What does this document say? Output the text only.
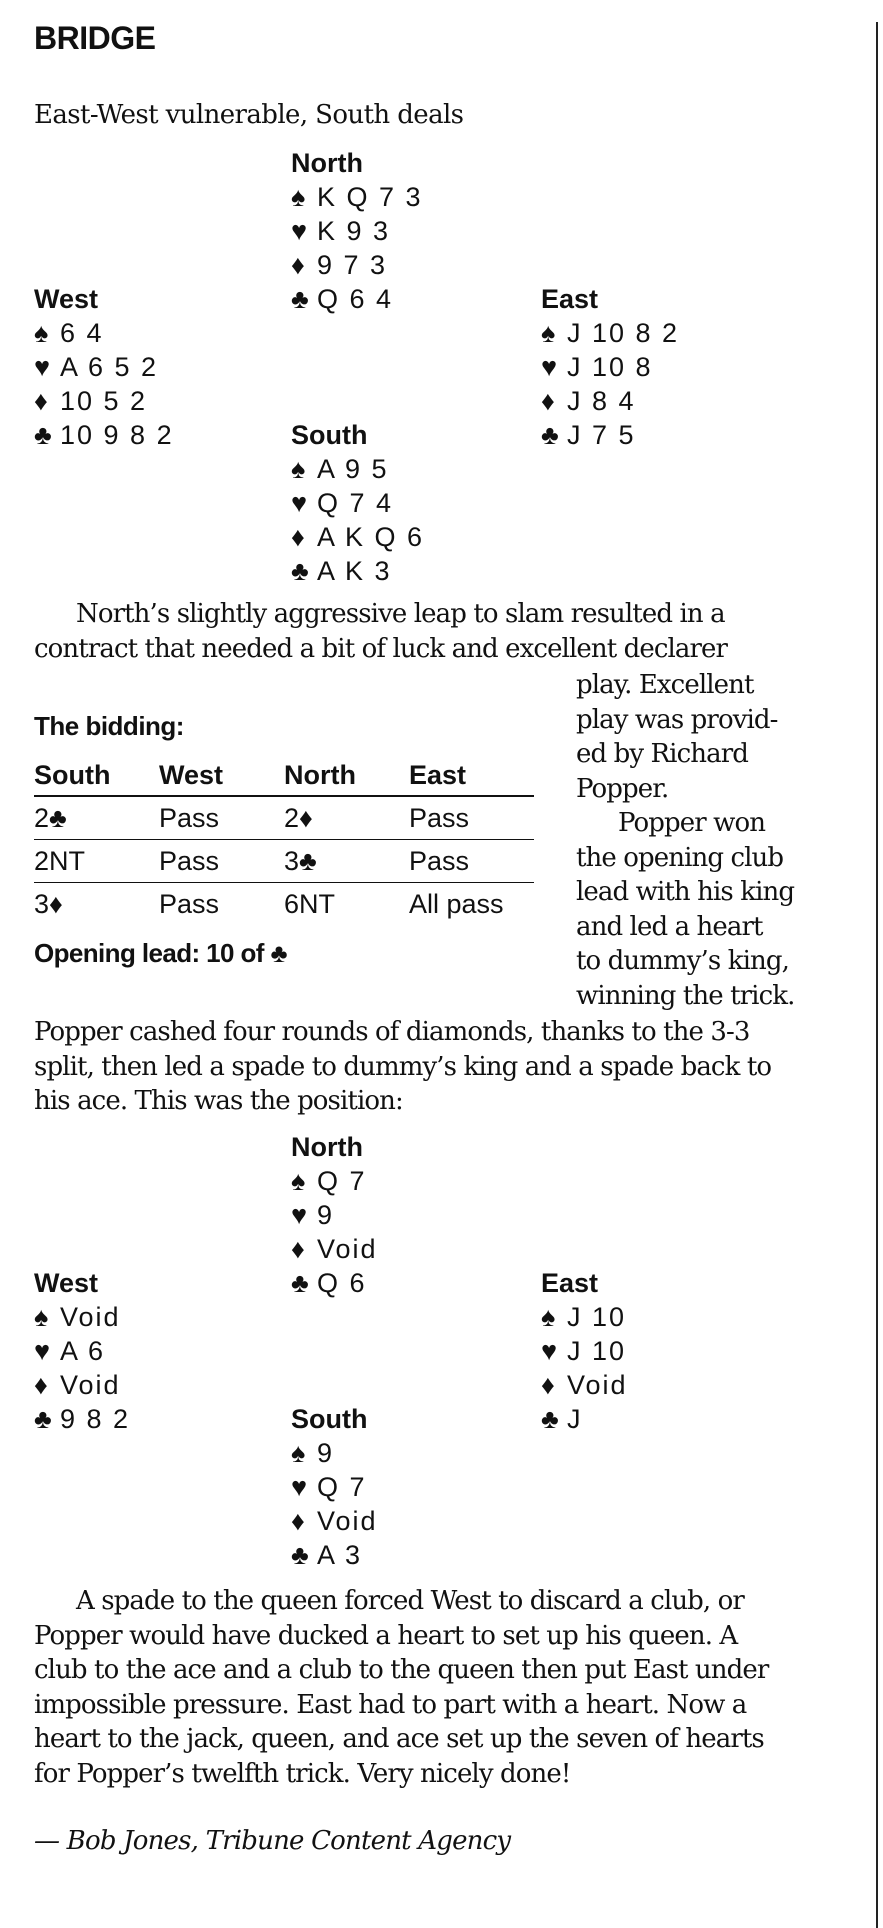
BRIDGE
East-West vulnerable, South deals
North
♠ K Q 7 3
♥ K 9 3
♦ 9 7 3
♣ Q 6 4
West
♠ 6 4
♥ A 6 5 2
♦ 10 5 2
♣ 10 9 8 2
East
♠ J 10 8 2
♥ J 10 8
♦ J 8 4
♣ J 7 5
South
♠ A 9 5
♥ Q 7 4
♦ A K Q 6
♣ A K 3
North’s slightly aggressive leap to slam resulted in a
contract that needed a bit of luck and excellent declarer
play. Excellent
play was provid-
ed by Richard
Popper.
Popper won
the opening club
lead with his king
and led a heart
to dummy’s king,
winning the trick.
The bidding:
South	West	North	East
2♣	Pass	2♦	Pass
2NT	Pass	3♣	Pass
3♦	Pass	6NT	All pass
Opening lead: 10 of ♣
Popper cashed four rounds of diamonds, thanks to the 3-3
split, then led a spade to dummy’s king and a spade back to
his ace. This was the position:
North
♠ Q 7
♥ 9
♦ Void
♣ Q 6
West
♠ Void
♥ A 6
♦ Void
♣ 9 8 2
East
♠ J 10
♥ J 10
♦ Void
♣ J
South
♠ 9
♥ Q 7
♦ Void
♣ A 3
A spade to the queen forced West to discard a club, or
Popper would have ducked a heart to set up his queen. A
club to the ace and a club to the queen then put East under
impossible pressure. East had to part with a heart. Now a
heart to the jack, queen, and ace set up the seven of hearts
for Popper’s twelfth trick. Very nicely done!
— Bob Jones, Tribune Content Agency
